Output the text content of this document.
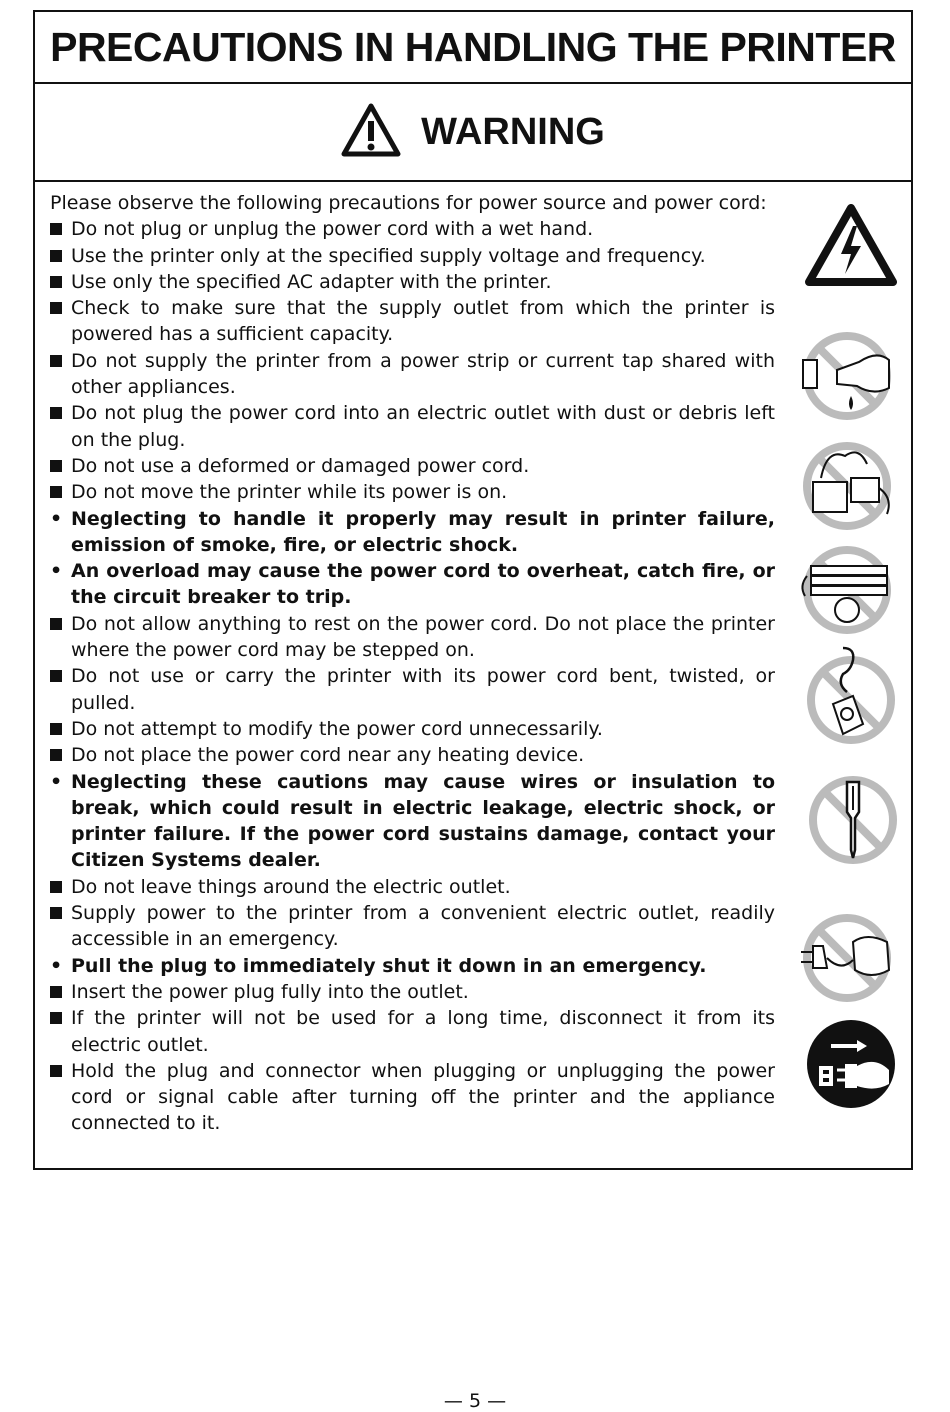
PRECAUTIONS IN HANDLING THE PRINTER
WARNING

Please observe the following precautions for power source and power cord:

Do not plug or unplug the power cord with a wet hand.
Use the printer only at the specified supply voltage and frequency.
Use only the specified AC adapter with the printer.
Check to make sure that the supply outlet from which the printer is powered has a sufficient capacity.
Do not supply the printer from a power strip or current tap shared with other appliances.
Do not plug the power cord into an electric outlet with dust or debris left on the plug.
Do not use a deformed or damaged power cord.
Do not move the printer while its power is on.
• Neglecting to handle it properly may result in printer failure, emission of smoke, fire, or electric shock.
• An overload may cause the power cord to overheat, catch fire, or the circuit breaker to trip.
Do not allow anything to rest on the power cord. Do not place the printer where the power cord may be stepped on.
Do not use or carry the printer with its power cord bent, twisted, or pulled.
Do not attempt to modify the power cord unnecessarily.
Do not place the power cord near any heating device.
• Neglecting these cautions may cause wires or insulation to break, which could result in electric leakage, electric shock, or printer failure. If the power cord sustains damage, contact your Citizen Systems dealer.
Do not leave things around the electric outlet.
Supply power to the printer from a convenient electric outlet, readily accessible in an emergency.
• Pull the plug to immediately shut it down in an emergency.
Insert the power plug fully into the outlet.
If the printer will not be used for a long time, disconnect it from its electric outlet.
Hold the plug and connector when plugging or unplugging the power cord or signal cable after turning off the printer and the appliance connected to it.
— 5 —
